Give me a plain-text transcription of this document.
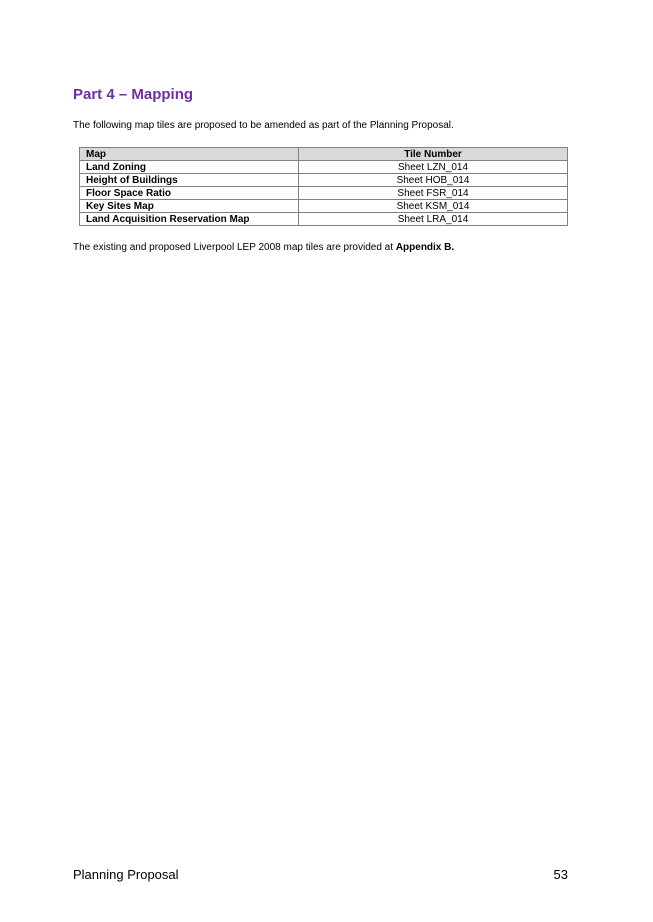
Part 4 – Mapping

The following map tiles are proposed to be amended as part of the Planning Proposal.

Map	Tile Number
Land Zoning	Sheet LZN_014
Height of Buildings	Sheet HOB_014
Floor Space Ratio	Sheet FSR_014
Key Sites Map	Sheet KSM_014
Land Acquisition Reservation Map	Sheet LRA_014

The existing and proposed Liverpool LEP 2008 map tiles are provided at Appendix B.

Planning Proposal	53
